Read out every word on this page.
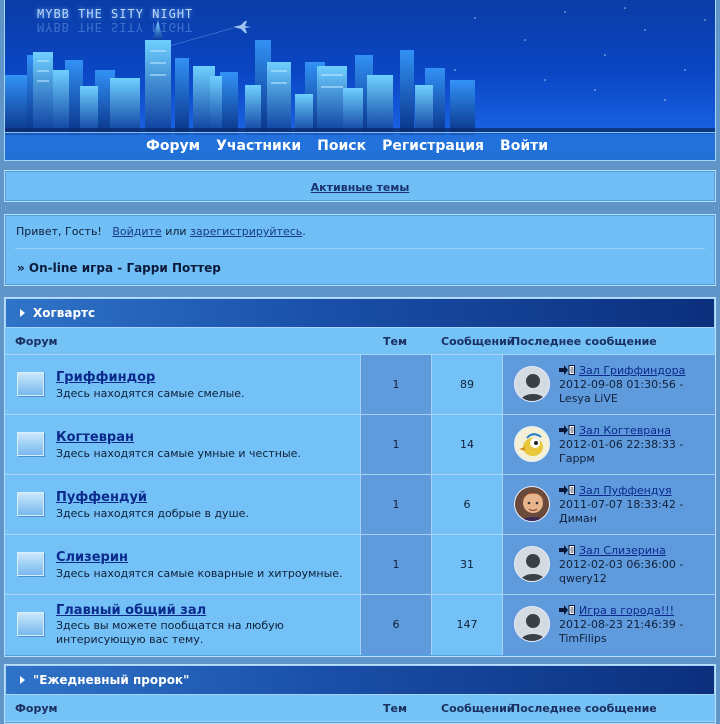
MYBB THE SITY NIGHT
MYBB THE SITY NIGHT
Форум	Участники	Поиск	Регистрация	Войти
Активные темы
Привет, Гость! Войдите или зарегистрируйтесь.
» On-line игра - Гарри Поттер
Хогвартс
Форум	Тем	Сообщений
Последнее сообщение
Гриффиндор
Здесь находятся самые смелые.
1	89
Зал Гриффиндора
2012-09-08 01:30:56 -
Lesya LiVE
Когтевран
Здесь находятся самые умные и честные.
1	14
Зал Когтеврана
2012-01-06 22:38:33 -
Гаррм
Пуффендуй
Здесь находятся добрые в душе.
1	6
Зал Пуффендуя
2011-07-07 18:33:42 -
Диман
Слизерин
Здесь находятся самые коварные и хитроумные.
1	31
Зал Слизерина
2012-02-03 06:36:00 -
qwery12
Главный общий зал
Здесь вы можете пообщатся на любую интерисующую вас тему.
6	147
Игра в города!!!
2012-08-23 21:46:39 -
TimFilips
"Ежедневный пророк"
Форум	Тем	Сообщений
Последнее сообщение
